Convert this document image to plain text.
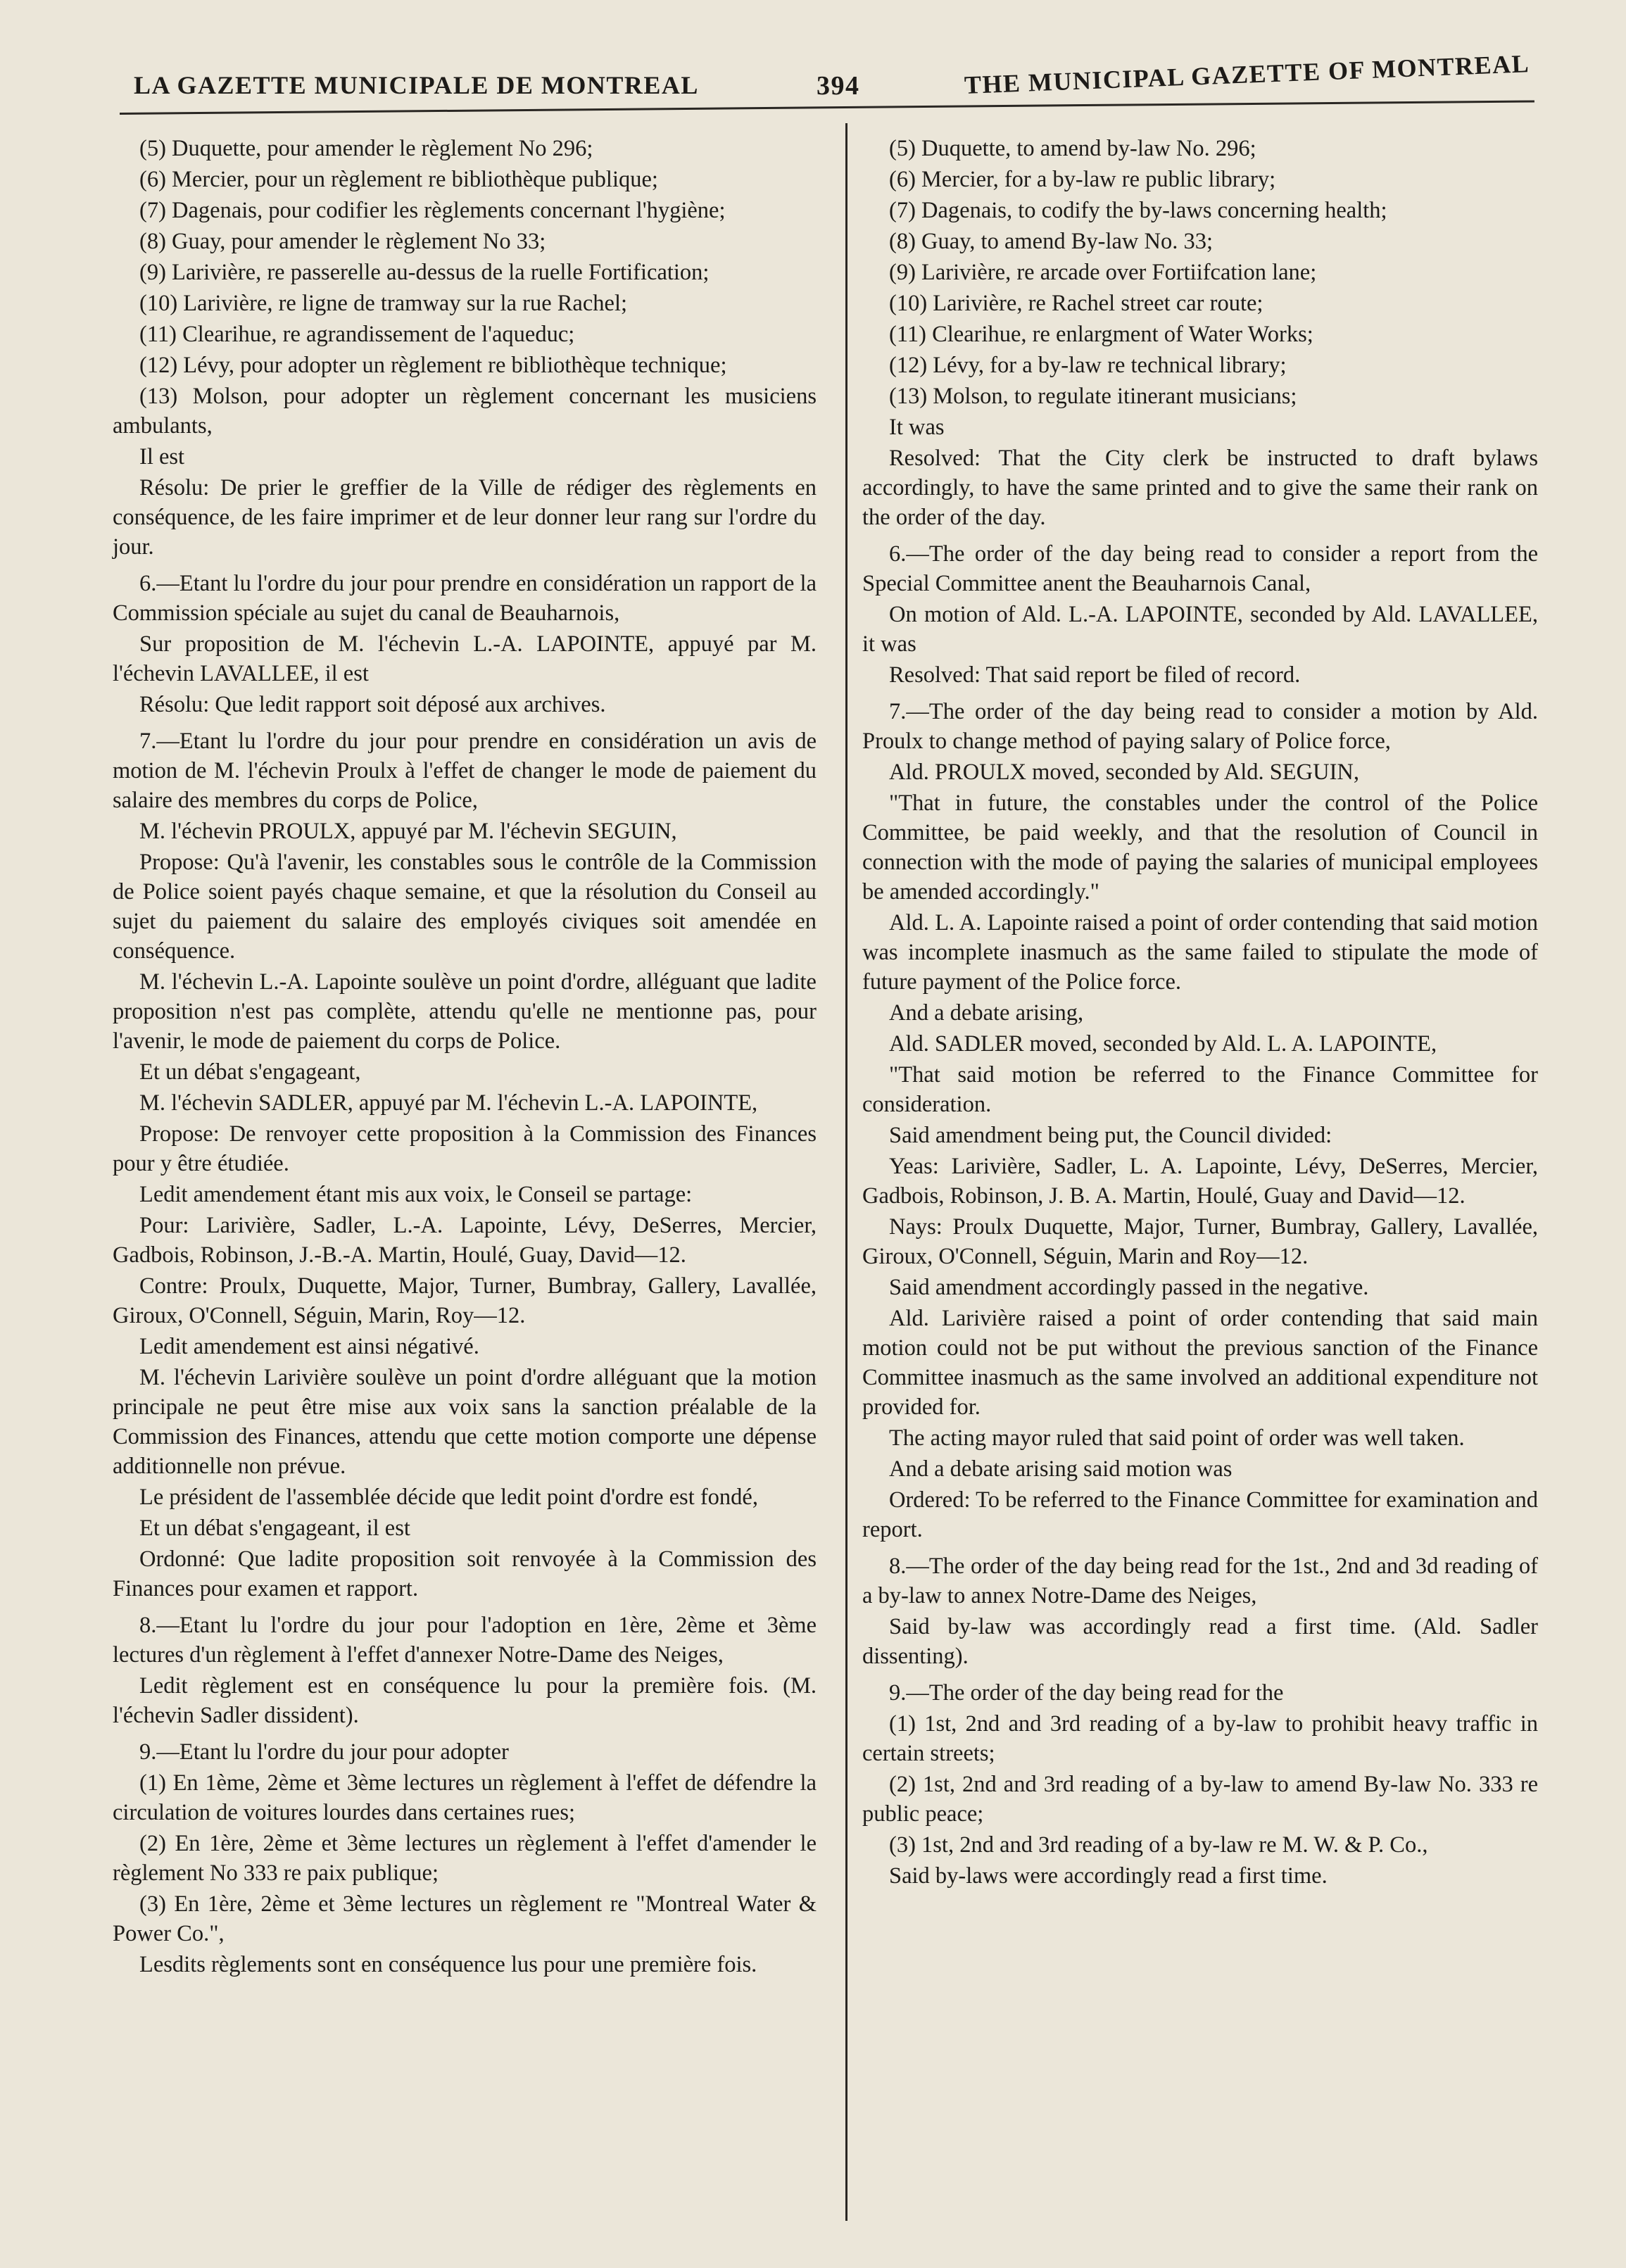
LA GAZETTE MUNICIPALE DE MONTREAL	394	THE MUNICIPAL GAZETTE OF MONTREAL

(5) Duquette, pour amender le règlement No 296;

(6) Mercier, pour un règlement re bibliothèque publique;

(7) Dagenais, pour codifier les règlements concernant l'hygiène;

(8) Guay, pour amender le règlement No 33;

(9) Larivière, re passerelle au-dessus de la ruelle Fortification;

(10) Larivière, re ligne de tramway sur la rue Rachel;

(11) Clearihue, re agrandissement de l'aqueduc;

(12) Lévy, pour adopter un règlement re bibliothèque technique;

(13) Molson, pour adopter un règlement concernant les musiciens ambulants,

Il est

Résolu: De prier le greffier de la Ville de rédiger des règlements en conséquence, de les faire imprimer et de leur donner leur rang sur l'ordre du jour.

6.—Etant lu l'ordre du jour pour prendre en considération un rapport de la Commission spéciale au sujet du canal de Beauharnois,

Sur proposition de M. l'échevin L.-A. LAPOINTE, appuyé par M. l'échevin LAVALLEE, il est

Résolu: Que ledit rapport soit déposé aux archives.

7.—Etant lu l'ordre du jour pour prendre en considération un avis de motion de M. l'échevin Proulx à l'effet de changer le mode de paiement du salaire des membres du corps de Police,

M. l'échevin PROULX, appuyé par M. l'échevin SEGUIN,

Propose: Qu'à l'avenir, les constables sous le contrôle de la Commission de Police soient payés chaque semaine, et que la résolution du Conseil au sujet du paiement du salaire des employés civiques soit amendée en conséquence.

M. l'échevin L.-A. Lapointe soulève un point d'ordre, alléguant que ladite proposition n'est pas complète, attendu qu'elle ne mentionne pas, pour l'avenir, le mode de paiement du corps de Police.

Et un débat s'engageant,

M. l'échevin SADLER, appuyé par M. l'échevin L.-A. LAPOINTE,

Propose: De renvoyer cette proposition à la Commission des Finances pour y être étudiée.

Ledit amendement étant mis aux voix, le Conseil se partage:

Pour: Larivière, Sadler, L.-A. Lapointe, Lévy, DeSerres, Mercier, Gadbois, Robinson, J.-B.-A. Martin, Houlé, Guay, David—12.

Contre: Proulx, Duquette, Major, Turner, Bumbray, Gallery, Lavallée, Giroux, O'Connell, Séguin, Marin, Roy—12.

Ledit amendement est ainsi négativé.

M. l'échevin Larivière soulève un point d'ordre alléguant que la motion principale ne peut être mise aux voix sans la sanction préalable de la Commission des Finances, attendu que cette motion comporte une dépense additionnelle non prévue.

Le président de l'assemblée décide que ledit point d'ordre est fondé,

Et un débat s'engageant, il est

Ordonné: Que ladite proposition soit renvoyée à la Commission des Finances pour examen et rapport.

8.—Etant lu l'ordre du jour pour l'adoption en 1ère, 2ème et 3ème lectures d'un règlement à l'effet d'annexer Notre-Dame des Neiges,

Ledit règlement est en conséquence lu pour la première fois. (M. l'échevin Sadler dissident).

9.—Etant lu l'ordre du jour pour adopter

(1) En 1ème, 2ème et 3ème lectures un règlement à l'effet de défendre la circulation de voitures lourdes dans certaines rues;

(2) En 1ère, 2ème et 3ème lectures un règlement à l'effet d'amender le règlement No 333 re paix publique;

(3) En 1ère, 2ème et 3ème lectures un règlement re "Montreal Water & Power Co.",

Lesdits règlements sont en conséquence lus pour une première fois.

(5) Duquette, to amend by-law No. 296;

(6) Mercier, for a by-law re public library;

(7) Dagenais, to codify the by-laws concerning health;

(8) Guay, to amend By-law No. 33;

(9) Larivière, re arcade over Fortiifcation lane;

(10) Larivière, re Rachel street car route;

(11) Clearihue, re enlargment of Water Works;

(12) Lévy, for a by-law re technical library;

(13) Molson, to regulate itinerant musicians;

It was

Resolved: That the City clerk be instructed to draft bylaws accordingly, to have the same printed and to give the same their rank on the order of the day.

6.—The order of the day being read to consider a report from the Special Committee anent the Beauharnois Canal,

On motion of Ald. L.-A. LAPOINTE, seconded by Ald. LAVALLEE, it was

Resolved: That said report be filed of record.

7.—The order of the day being read to consider a motion by Ald. Proulx to change method of paying salary of Police force,

Ald. PROULX moved, seconded by Ald. SEGUIN,

"That in future, the constables under the control of the Police Committee, be paid weekly, and that the resolution of Council in connection with the mode of paying the salaries of municipal employees be amended accordingly."

Ald. L. A. Lapointe raised a point of order contending that said motion was incomplete inasmuch as the same failed to stipulate the mode of future payment of the Police force.

And a debate arising,

Ald. SADLER moved, seconded by Ald. L. A. LAPOINTE,

"That said motion be referred to the Finance Committee for consideration.

Said amendment being put, the Council divided:

Yeas: Larivière, Sadler, L. A. Lapointe, Lévy, DeSerres, Mercier, Gadbois, Robinson, J. B. A. Martin, Houlé, Guay and David—12.

Nays: Proulx Duquette, Major, Turner, Bumbray, Gallery, Lavallée, Giroux, O'Connell, Séguin, Marin and Roy—12.

Said amendment accordingly passed in the negative.

Ald. Larivière raised a point of order contending that said main motion could not be put without the previous sanction of the Finance Committee inasmuch as the same involved an additional expenditure not provided for.

The acting mayor ruled that said point of order was well taken.

And a debate arising said motion was

Ordered: To be referred to the Finance Committee for examination and report.

8.—The order of the day being read for the 1st., 2nd and 3d reading of a by-law to annex Notre-Dame des Neiges,

Said by-law was accordingly read a first time. (Ald. Sadler dissenting).

9.—The order of the day being read for the

(1) 1st, 2nd and 3rd reading of a by-law to prohibit heavy traffic in certain streets;

(2) 1st, 2nd and 3rd reading of a by-law to amend By-law No. 333 re public peace;

(3) 1st, 2nd and 3rd reading of a by-law re M. W. & P. Co.,

Said by-laws were accordingly read a first time.
